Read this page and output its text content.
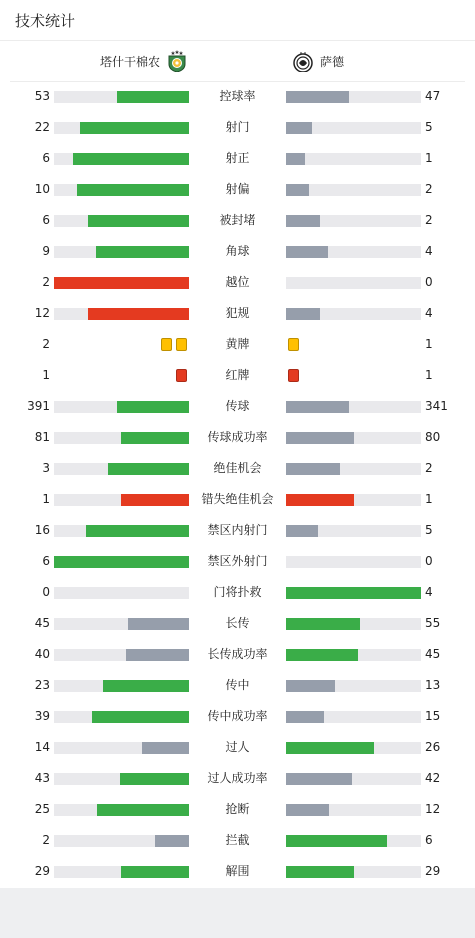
技术统计
塔什干棉农	萨德
53	控球率	47
22	射门	5
6	射正	1
10	射偏	2
6	被封堵	2
9	角球	4
2	越位	0
12	犯规	4
2	黄牌	1
1	红牌	1
391	传球	341
81	传球成功率	80
3	绝佳机会	2
1	错失绝佳机会	1
16	禁区内射门	5
6	禁区外射门	0
0	门将扑救	4
45	长传	55
40	长传成功率	45
23	传中	13
39	传中成功率	15
14	过人	26
43	过人成功率	42
25	抢断	12
2	拦截	6
29	解围	29
